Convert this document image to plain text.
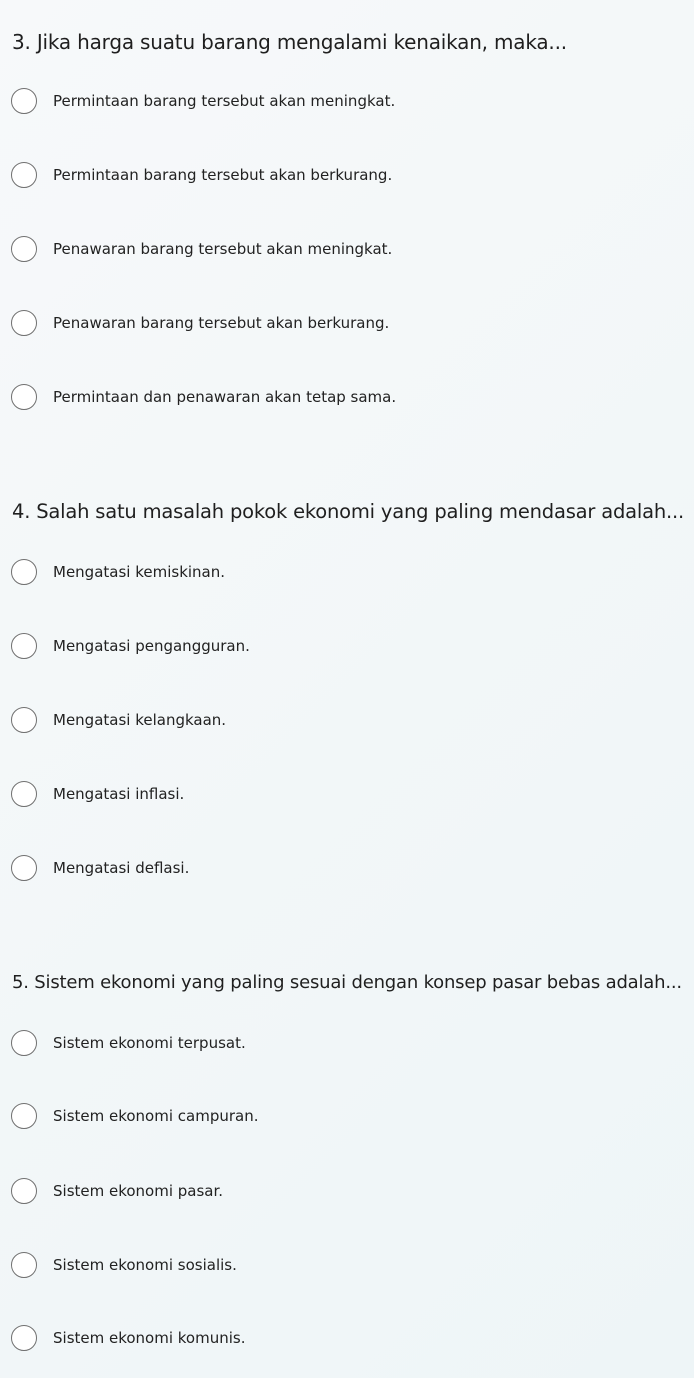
3. Jika harga suatu barang mengalami kenaikan, maka...
Permintaan barang tersebut akan meningkat.
Permintaan barang tersebut akan berkurang.
Penawaran barang tersebut akan meningkat.
Penawaran barang tersebut akan berkurang.
Permintaan dan penawaran akan tetap sama.
4. Salah satu masalah pokok ekonomi yang paling mendasar adalah...
Mengatasi kemiskinan.
Mengatasi pengangguran.
Mengatasi kelangkaan.
Mengatasi inflasi.
Mengatasi deflasi.
5. Sistem ekonomi yang paling sesuai dengan konsep pasar bebas adalah...
Sistem ekonomi terpusat.
Sistem ekonomi campuran.
Sistem ekonomi pasar.
Sistem ekonomi sosialis.
Sistem ekonomi komunis.
